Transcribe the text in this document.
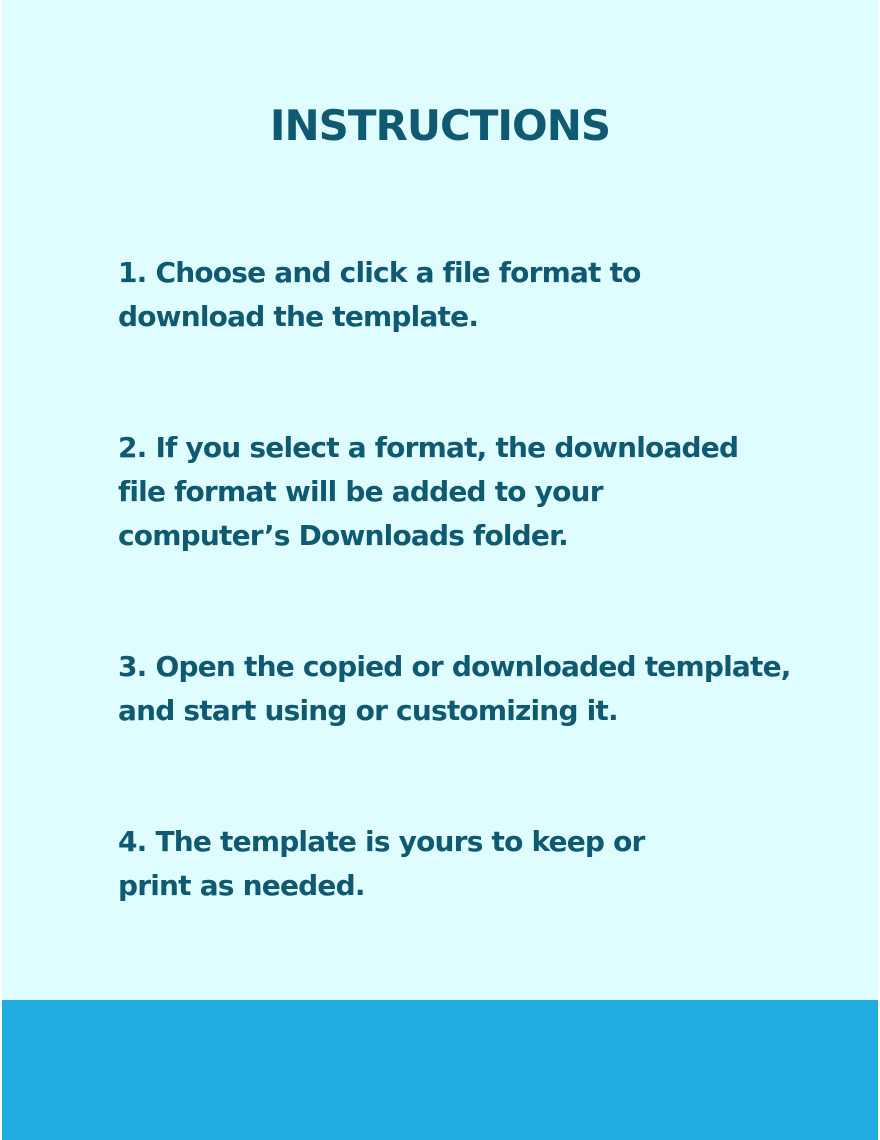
INSTRUCTIONS

1. Choose and click a file format to
download the template.

2. If you select a format, the downloaded
file format will be added to your
computer’s Downloads folder.

3. Open the copied or downloaded template,
and start using or customizing it.

4. The template is yours to keep or
print as needed.
